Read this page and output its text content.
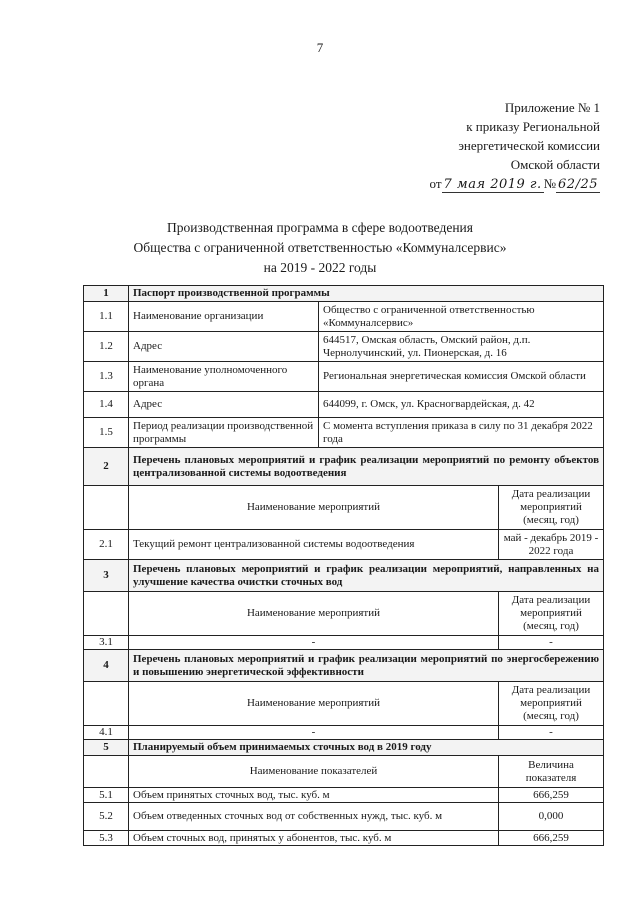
7
Приложение № 1
к приказу Региональной
энергетической комиссии
Омской области
от 7 мая 2019 г. № 62/25
Производственная программа в сфере водоотведения
Общества с ограниченной ответственностью «Коммуналсервис»
на 2019 - 2022 годы
1	Паспорт производственной программы		
1.1	Наименование организации	Общество с ограниченной ответственностью «Коммуналсервис»	
1.2	Адрес	644517, Омская область, Омский район, д.п. Чернолучинский, ул. Пионерская, д. 16	
1.3	Наименование уполномоченного органа	Региональная энергетическая комиссия Омской области	
1.4	Адрес	644099, г. Омск, ул. Красногвардейская, д. 42	
1.5	Период реализации производственной программы	С момента вступления приказа в силу по 31 декабря 2022 года	
2	Перечень плановых мероприятий и график реализации мероприятий по ремонту объектов централизованной системы водоотведения		
	Наименование мероприятий		Дата реализации мероприятий (месяц, год)
2.1	Текущий ремонт централизованной системы водоотведения		май - декабрь 2019 - 2022 года
3	Перечень плановых мероприятий и график реализации мероприятий, направленных на улучшение качества очистки сточных вод		
	Наименование мероприятий		Дата реализации мероприятий (месяц, год)
3.1	-		-
4	Перечень плановых мероприятий и график реализации мероприятий по энергосбережению и повышению энергетической эффективности		
	Наименование мероприятий		Дата реализации мероприятий (месяц, год)
4.1	-		-
5	Планируемый объем принимаемых сточных вод в 2019 году		
	Наименование показателей		Величина показателя
5.1	Объем принятых сточных вод, тыс. куб. м		666,259
5.2	Объем отведенных сточных вод от собственных нужд, тыс. куб. м		0,000
5.3	Объем сточных вод, принятых у абонентов, тыс. куб. м		666,259
